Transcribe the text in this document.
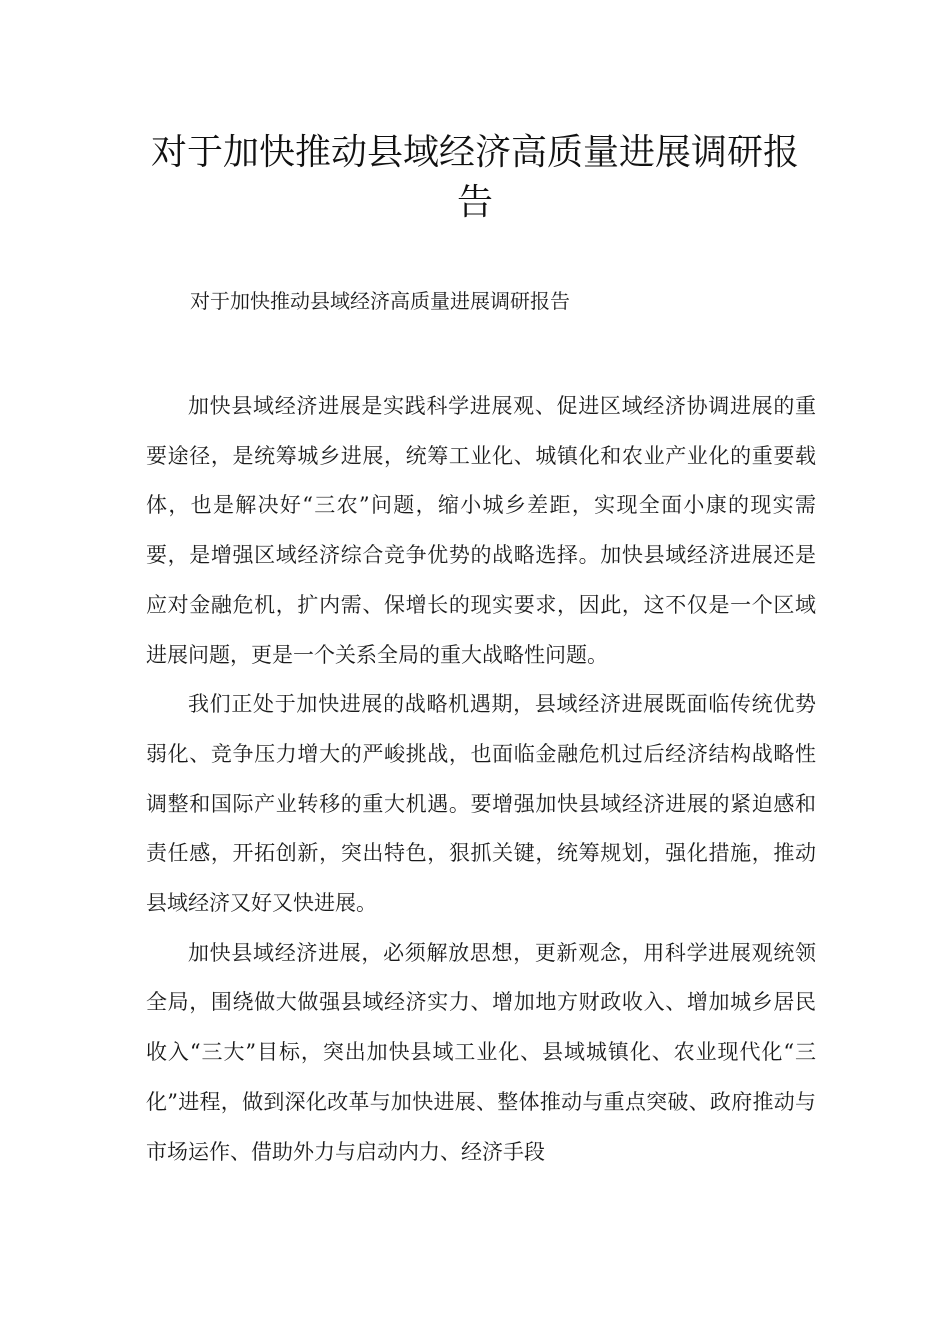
对于加快推动县域经济高质量进展调研报告

对于加快推动县域经济高质量进展调研报告

加快县域经济进展是实践科学进展观、促进区域经济协调进展的重要途径，是统筹城乡进展，统筹工业化、城镇化和农业产业化的重要载体，也是解决好“三农”问题，缩小城乡差距，实现全面小康的现实需要，是增强区域经济综合竞争优势的战略选择。加快县域经济进展还是应对金融危机，扩内需、保增长的现实要求，因此，这不仅是一个区域进展问题，更是一个关系全局的重大战略性问题。

我们正处于加快进展的战略机遇期，县域经济进展既面临传统优势弱化、竞争压力增大的严峻挑战，也面临金融危机过后经济结构战略性调整和国际产业转移的重大机遇。要增强加快县域经济进展的紧迫感和责任感，开拓创新，突出特色，狠抓关键，统筹规划，强化措施，推动县域经济又好又快进展。

加快县域经济进展，必须解放思想，更新观念，用科学进展观统领全局，围绕做大做强县域经济实力、增加地方财政收入、增加城乡居民收入“三大”目标，突出加快县域工业化、县域城镇化、农业现代化“三化”进程，做到深化改革与加快进展、整体推动与重点突破、政府推动与市场运作、借助外力与启动内力、经济手段
